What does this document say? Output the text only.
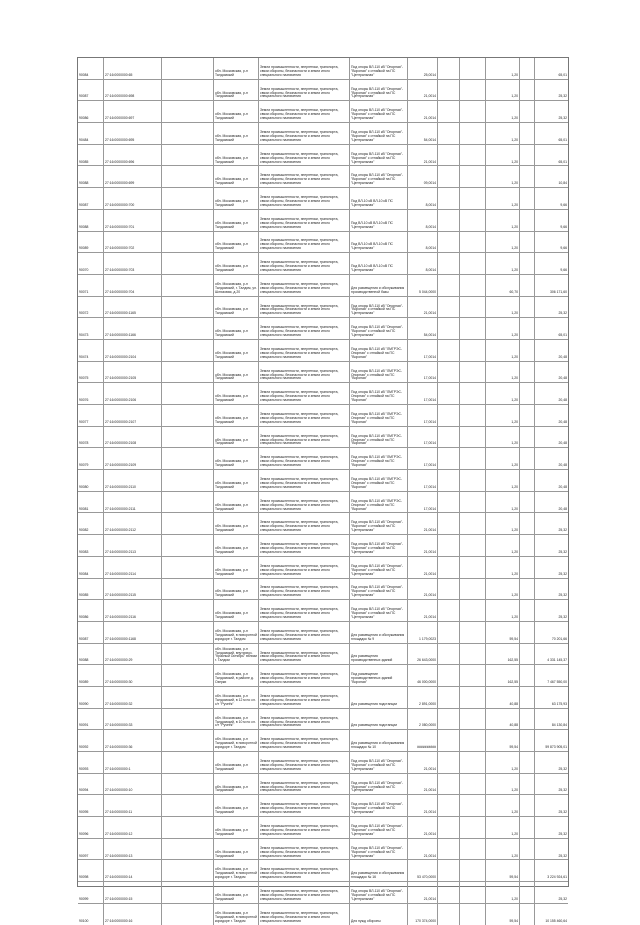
90084	27:16:0000000:65
обл. Московская, р-н Талдомский
Земли промышленности, энергетики, транспорта, связи обороны, безопасности и земли иного специального назначения
Под опоры ВЛ-110 кВ "Опорная"-"Вороная" с отпайкой на ПС "Центральная"	25,0014	1,20	65,01
90087	27:16:0000000:698
обл. Московская, р-н Талдомский
Земли промышленности, энергетики, транспорта, связи обороны, безопасности и земли иного специального назначения
Под опоры ВЛ-110 кВ "Опорная"-"Вороная" с отпайкой на ПС "Центральная"	21,0014	1,20	25,32
90086	27:16:0000000:697
обл. Московская, р-н Талдомский
Земли промышленности, энергетики, транспорта, связи обороны, безопасности и земли иного специального назначения
Под опоры ВЛ-110 кВ "Опорная"-"Вороная" с отпайкой на ПС "Центральная"	21,0014	1,20	25,32
90484	27:16:0000000:695
обл. Московская, р-н Талдомский
Земли промышленности, энергетики, транспорта, связи обороны, безопасности и земли иного специального назначения
Под опоры ВЛ-110 кВ "Опорная"-"Вороная" с отпайкой на ПС "Центральная"	54,0014	1,20	65,01
90085	27:16:0000000:696
обл. Московская, р-н Талдомский
Земли промышленности, энергетики, транспорта, связи обороны, безопасности и земли иного специального назначения
Под опоры ВЛ-110 кВ "Опорная"-"Вороная" с отпайкой на ПС "Центральная"	21,0014	1,20	65,01
90088	27:16:0000000:699
обл. Московская, р-н Талдомский
Земли промышленности, энергетики, транспорта, связи обороны, безопасности и земли иного специального назначения
Под опоры ВЛ-110 кВ "Опорная"-"Вороная" с отпайкой на ПС "Центральная"	09,0014	1,20	10,84
90087	27:16:0000000:700
обл. Московская, р-н Талдомский
Земли промышленности, энергетики, транспорта, связи обороны, безопасности и земли иного специального назначения
Под ВЛ-10 кВ ВЛ-10 кВ ПС "Центральная"	8,0014	1,20	9,66
90088	27:16:0000000:701
обл. Московская, р-н Талдомский
Земли промышленности, энергетики, транспорта, связи обороны, безопасности и земли иного специального назначения
Под ВЛ-10 кВ ВЛ-10 кВ ПС "Центральная"	8,0014	1,20	9,66
90089	27:16:0000000:702
обл. Московская, р-н Талдомский
Земли промышленности, энергетики, транспорта, связи обороны, безопасности и земли иного специального назначения
Под ВЛ-10 кВ ВЛ-10 кВ ПС "Центральная"	8,0014	1,20	9,66
90070	27:16:0000000:703
обл. Московская, р-н Талдомский
Земли промышленности, энергетики, транспорта, связи обороны, безопасности и земли иного специального назначения
Под ВЛ-10 кВ ВЛ-10 кВ ПС "Центральная"	8,0014	1,20	9,66
90071	27:16:0000000:704
обл. Московская, р-н Талдомский, г. Талдом, ул. Шлюзовая, д.20
Земли промышленности, энергетики, транспорта, связи обороны, безопасности и земли иного специального назначения
Для размещения и обслуживания производственной базы	5 044,0000	60,70	306 171,60
90072	27:16:0000000:1165
обл. Московская, р-н Талдомский
Земли промышленности, энергетики, транспорта, связи обороны, безопасности и земли иного специального назначения
Под опоры ВЛ-110 кВ "Опорная"-"Вороная" с отпайкой на ПС "Центральная"	21,0014	1,20	25,32
90473	27:16:0000000:1166
обл. Московская, р-н Талдомский
Земли промышленности, энергетики, транспорта, связи обороны, безопасности и земли иного специального назначения
Под опоры ВЛ-110 кВ "Опорная"-"Вороная" с отпайкой на ПС "Центральная"	54,0014	1,20	65,01
90474	27:16:0000000:2104
обл. Московская, р-н Талдомский
Земли промышленности, энергетики, транспорта, связи обороны, безопасности и земли иного специального назначения
Под опоры ВЛ-110 кВ "ЛМГРЭС-Опорная" с отпайкой на ПС "Вороная"	17,0014	1,20	20,48
90075	27:16:0000000:2105
обл. Московская, р-н Талдомский
Земли промышленности, энергетики, транспорта, связи обороны, безопасности и земли иного специального назначения
Под опоры ВЛ-110 кВ "ЛМГРЭС-Опорная" с отпайкой на ПС "Вороная"	17,0014	1,20	20,48
90076	27:16:0000000:2106
обл. Московская, р-н Талдомский
Земли промышленности, энергетики, транспорта, связи обороны, безопасности и земли иного специального назначения
Под опоры ВЛ-110 кВ "ЛМГРЭС-Опорная" с отпайкой на ПС "Вороная"	17,0014	1,20	20,48
90077	27:16:0000000:2107
обл. Московская, р-н Талдомский
Земли промышленности, энергетики, транспорта, связи обороны, безопасности и земли иного специального назначения
Под опоры ВЛ-110 кВ "ЛМГРЭС-Опорная" с отпайкой на ПС "Вороная"	17,0014	1,20	20,48
90078	27:16:0000000:2108
обл. Московская, р-н Талдомский
Земли промышленности, энергетики, транспорта, связи обороны, безопасности и земли иного специального назначения
Под опоры ВЛ-110 кВ "ЛМГРЭС-Опорная" с отпайкой на ПС "Вороная"	17,0014	1,20	20,48
90079	27:16:0000000:2109
обл. Московская, р-н Талдомский
Земли промышленности, энергетики, транспорта, связи обороны, безопасности и земли иного специального назначения
Под опоры ВЛ-110 кВ "ЛМГРЭС-Опорная" с отпайкой на ПС "Вороная"	17,0014	1,20	20,48
90080	27:16:0000000:2110
обл. Московская, р-н Талдомский
Земли промышленности, энергетики, транспорта, связи обороны, безопасности и земли иного специального назначения
Под опоры ВЛ-110 кВ "ЛМГРЭС-Опорная" с отпайкой на ПС "Вороная"	17,0014	1,20	20,48
90081	27:16:0000000:2111
обл. Московская, р-н Талдомский
Земли промышленности, энергетики, транспорта, связи обороны, безопасности и земли иного специального назначения
Под опоры ВЛ-110 кВ "ЛМГРЭС-Опорная" с отпайкой на ПС "Вороная"	17,0014	1,20	20,48
90082	27:16:0000000:2112
обл. Московская, р-н Талдомский
Земли промышленности, энергетики, транспорта, связи обороны, безопасности и земли иного специального назначения
Под опоры ВЛ-110 кВ "Опорная"-"Вороная" с отпайкой на ПС "Центральная"	21,0014	1,20	25,32
90083	27:16:0000000:2113
обл. Московская, р-н Талдомский
Земли промышленности, энергетики, транспорта, связи обороны, безопасности и земли иного специального назначения
Под опоры ВЛ-110 кВ "Опорная"-"Вороная" с отпайкой на ПС "Центральная"	21,0014	1,20	25,32
90084	27:16:0000000:2114
обл. Московская, р-н Талдомский
Земли промышленности, энергетики, транспорта, связи обороны, безопасности и земли иного специального назначения
Под опоры ВЛ-110 кВ "Опорная"-"Вороная" с отпайкой на ПС "Центральная"	21,0014	1,20	25,32
90085	27:16:0000000:2115
обл. Московская, р-н Талдомский
Земли промышленности, энергетики, транспорта, связи обороны, безопасности и земли иного специального назначения
Под опоры ВЛ-110 кВ "Опорная"-"Вороная" с отпайкой на ПС "Центральная"	21,0014	1,20	25,32
90086	27:16:0000000:2116
обл. Московская, р-н Талдомский
Земли промышленности, энергетики, транспорта, связи обороны, безопасности и земли иного специального назначения
Под опоры ВЛ-110 кВ "Опорная"-"Вороная" с отпайкой на ПС "Центральная"	21,0014	1,20	25,32
90087	27:16:0000000:1168
обл. Московская, р-н Талдомский, в поворотной коридоре г. Талдом
Земли промышленности, энергетики, транспорта, связи обороны, безопасности и земли иного специального назначения
Для размещения и обслуживания площадок № 9	1 179,0023	59,54	70 201,66
90088	27:16:0000000:29
обл. Московская, р-н Талдомский, внутрихоз. "Красный Октябрь" вблизи г. Талдом
Земли промышленности, энергетики, транспорта, связи обороны, безопасности и земли иного специального назначения
Для размещения производственных зданий	26 643,0000	162,55	4 331 145,37
90089	27:16:0000000:30
обл. Московская, р-н Талдомский, в районе д. Озерки
Земли промышленности, энергетики, транспорта, связи обороны, безопасности и земли иного специального назначения
Под размещение производственных зданий "Вороная"	46 000,0000	162,55	7 467 550,00
90090	27:16:0000000:32
обл. Московская, р-н Талдомский, в 12 м по сл. с/т "Ручеёк"
Земли промышленности, энергетики, транспорта, связи обороны, безопасности и земли иного специального назначения	Для размещения подстанции	2 891,0000	40,88	63 175,93
90091	27:16:0000000:33
обл. Московская, р-н Талдомский, в 10 м по сл. с/т "Ручеёк"
Земли промышленности, энергетики, транспорта, связи обороны, безопасности и земли иного специального назначения	Для размещения подстанции	2 080,0000	40,88	84 130,84
90092	27:16:0000000:36
обл. Московская, р-н Талдомский, в поворотной коридоре г. Талдом
Земли промышленности, энергетики, транспорта, связи обороны, безопасности и земли иного специального назначения
Для размещения и обслуживания площадок № 10	##########	59,54	59 873 905,01
90093	27:16:0000000:1
обл. Московская, р-н Талдомский
Земли промышленности, энергетики, транспорта, связи обороны, безопасности и земли иного специального назначения
Под опоры ВЛ-110 кВ "Опорная"-"Вороная" с отпайкой на ПС "Центральная"	21,0014	1,20	25,32
90094	27:16:0000000:10
обл. Московская, р-н Талдомский
Земли промышленности, энергетики, транспорта, связи обороны, безопасности и земли иного специального назначения
Под опоры ВЛ-110 кВ "Опорная"-"Вороная" с отпайкой на ПС "Центральная"	21,0014	1,20	25,32
90095	27:16:0000000:11
обл. Московская, р-н Талдомский
Земли промышленности, энергетики, транспорта, связи обороны, безопасности и земли иного специального назначения
Под опоры ВЛ-110 кВ "Опорная"-"Вороная" с отпайкой на ПС "Центральная"	21,0014	1,20	25,32
90096	27:16:0000000:12
обл. Московская, р-н Талдомский
Земли промышленности, энергетики, транспорта, связи обороны, безопасности и земли иного специального назначения
Под опоры ВЛ-110 кВ "Опорная"-"Вороная" с отпайкой на ПС "Центральная"	21,0014	1,20	25,32
90097	27:16:0000000:13
обл. Московская, р-н Талдомский
Земли промышленности, энергетики, транспорта, связи обороны, безопасности и земли иного специального назначения
Под опоры ВЛ-110 кВ "Опорная"-"Вороная" с отпайкой на ПС "Центральная"	21,0014	1,20	25,32
90098	27:16:0000000:14
обл. Московская, р-н Талдомский, в поворотной коридоре г. Талдом
Земли промышленности, энергетики, транспорта, связи обороны, безопасности и земли иного специального назначения
Для размещения и обслуживания площадок № 16	53 470,0000	59,54	3 224 924,61
90099	27:16:0000000:15
обл. Московская, р-н Талдомский
Земли промышленности, энергетики, транспорта, связи обороны, безопасности и земли иного специального назначения
Под опоры ВЛ-110 кВ "Опорная"-"Вороная" с отпайкой на ПС "Центральная"	21,0014	1,20	25,32
90100	27:16:0000000:16
обл. Московская, р-н Талдомский, в поворотной коридоре г. Талдом
Земли промышленности, энергетики, транспорта, связи обороны, безопасности и земли иного специального назначения	Для нужд обороны	170 374,0000	59,54	10 155 460,64
